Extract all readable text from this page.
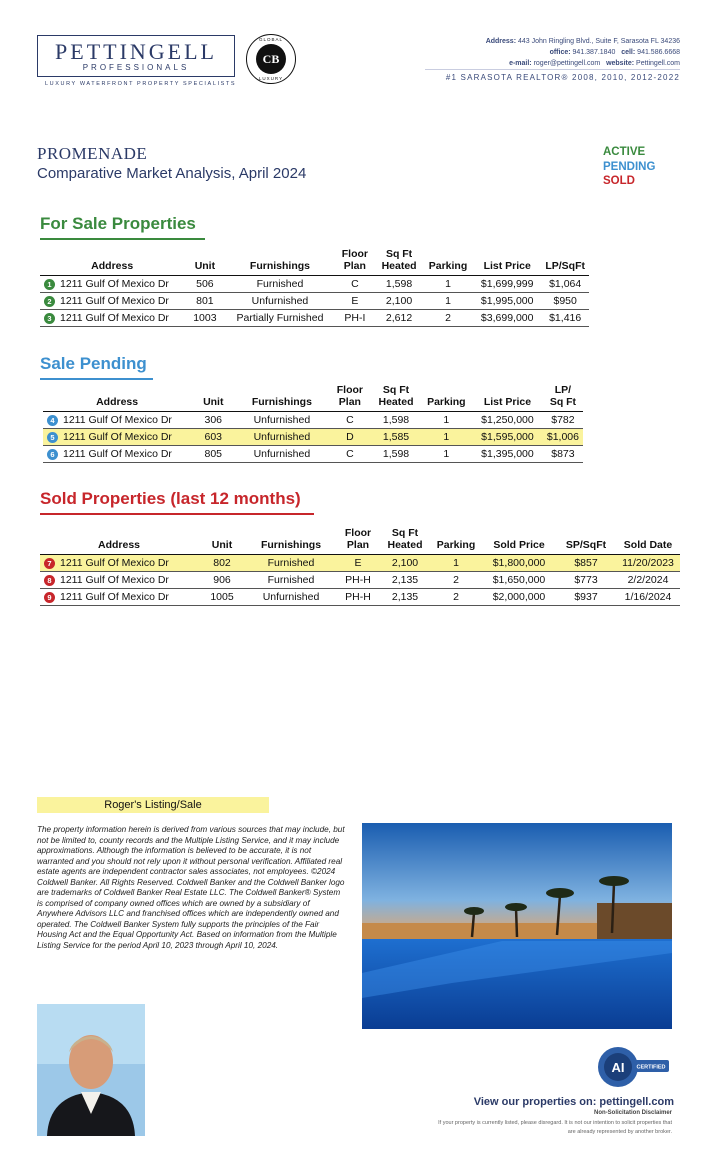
PETTINGELL
PROFESSIONALS
LUXURY WATERFRONT PROPERTY SPECIALISTS
GLOBAL
CB
LUXURY
Address: 443 John Ringling Blvd., Suite F, Sarasota FL 34236
office: 941.387.1840 cell: 941.586.6668
e-mail: roger@pettingell.com website: Pettingell.com
#1 SARASOTA REALTOR® 2008, 2010, 2012-2022
PROMENADE
Comparative Market Analysis, April 2024
ACTIVE
PENDING
SOLD
For Sale Properties
Address	Unit	Furnishings	Floor Plan	Sq Ft Heated	Parking	List Price	LP/SqFt
1 1211 Gulf Of Mexico Dr	506	Furnished	C	1,598	1	$1,699,999	$1,064
2 1211 Gulf Of Mexico Dr	801	Unfurnished	E	2,100	1	$1,995,000	$950
3 1211 Gulf Of Mexico Dr	1003	Partially Furnished	PH-I	2,612	2	$3,699,000	$1,416
Sale Pending
Address	Unit	Furnishings	Floor Plan	Sq Ft Heated	Parking	List Price	LP/ Sq Ft
4 1211 Gulf Of Mexico Dr	306	Unfurnished	C	1,598	1	$1,250,000	$782
5 1211 Gulf Of Mexico Dr	603	Unfurnished	D	1,585	1	$1,595,000	$1,006
6 1211 Gulf Of Mexico Dr	805	Unfurnished	C	1,598	1	$1,395,000	$873
Sold Properties (last 12 months)
Address	Unit	Furnishings	Floor Plan	Sq Ft Heated	Parking	Sold Price	SP/SqFt	Sold Date
7 1211 Gulf Of Mexico Dr	802	Furnished	E	2,100	1	$1,800,000	$857	11/20/2023
8 1211 Gulf Of Mexico Dr	906	Furnished	PH-H	2,135	2	$1,650,000	$773	2/2/2024
9 1211 Gulf Of Mexico Dr	1005	Unfurnished	PH-H	2,135	2	$2,000,000	$937	1/16/2024
Roger's Listing/Sale
The property information herein is derived from various sources that may include, but not be limited to, county records and the Multiple Listing Service, and it may include approximations. Although the information is believed to be accurate, it is not warranted and you should not rely upon it without personal verification. Affiliated real estate agents are independent contractor sales associates, not employees. ©2024 Coldwell Banker. All Rights Reserved. Coldwell Banker and the Coldwell Banker logo are trademarks of Coldwell Banker Real Estate LLC. The Coldwell Banker® System is comprised of company owned offices which are owned by a subsidiary of Anywhere Advisors LLC and franchised offices which are independently owned and operated. The Coldwell Banker System fully supports the principles of the Fair Housing Act and the Equal Opportunity Act. Based on information from the Multiple Listing Service for the period April 10, 2023 through April 10, 2024.
AI CERTIFIED
View our properties on: pettingell.com
Non-Solicitation Disclaimer
If your property is currently listed, please disregard. It is not our intention to solicit properties that are already represented by another broker.
